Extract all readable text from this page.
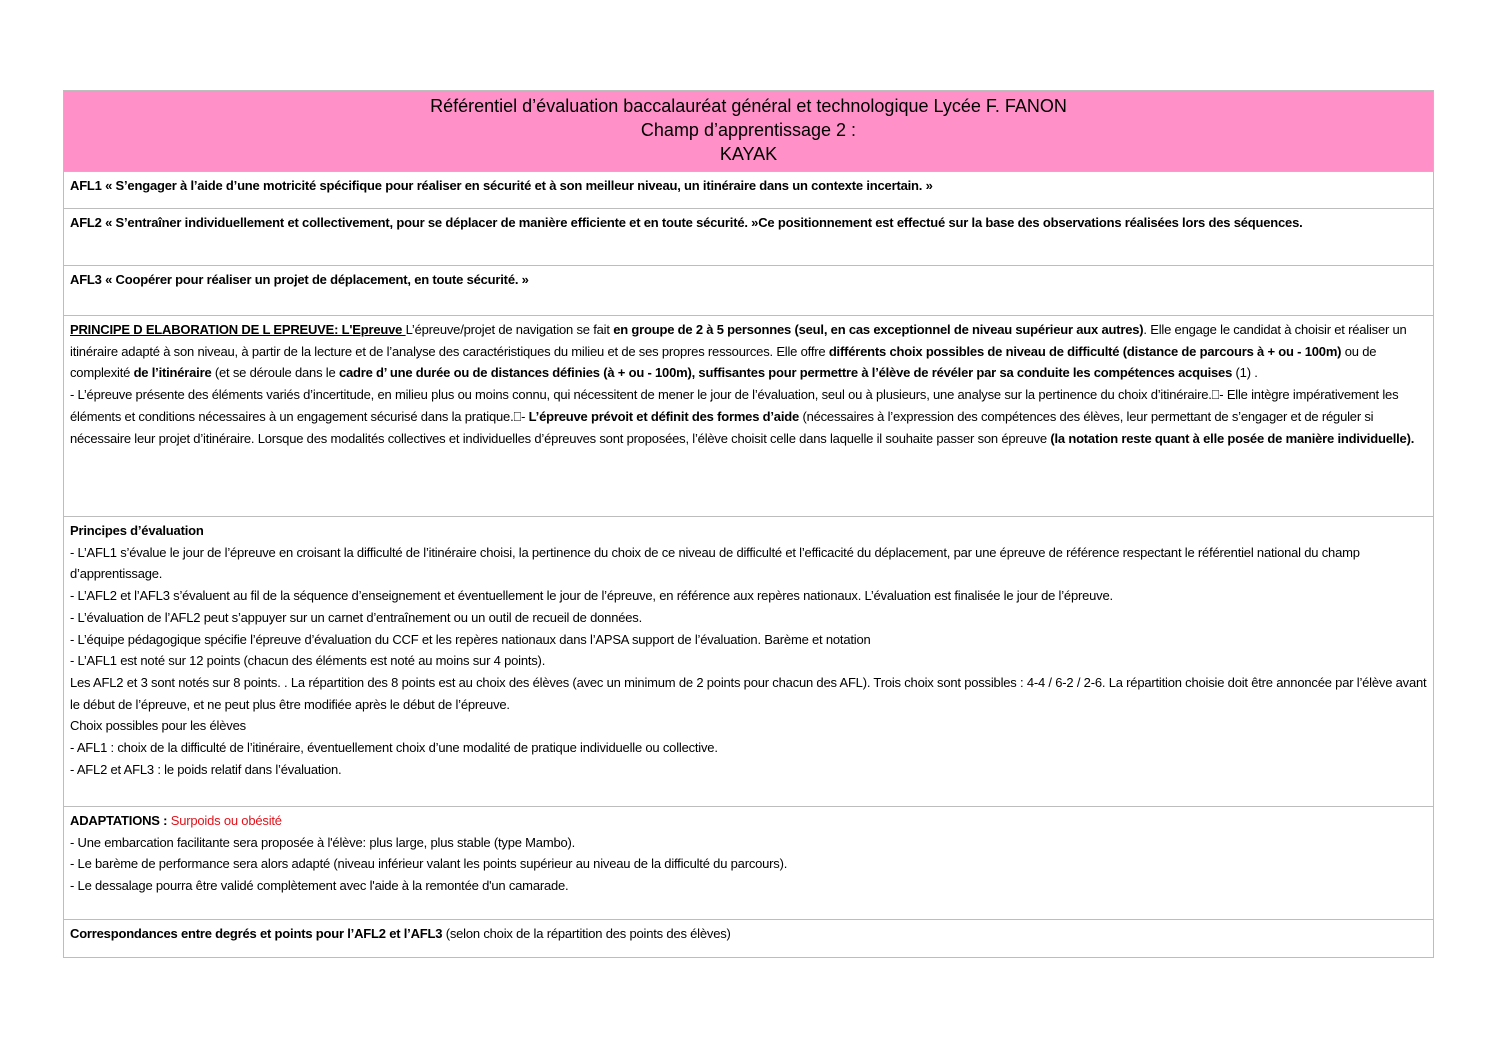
Référentiel d’évaluation baccalauréat général et technologique Lycée F. FANON
Champ d’apprentissage 2 :
KAYAK

AFL1 « S’engager à l’aide d’une motricité spécifique pour réaliser en sécurité et à son meilleur niveau, un itinéraire dans un contexte incertain. »

AFL2 « S’entraîner individuellement et collectivement, pour se déplacer de manière efficiente et en toute sécurité. »Ce positionnement est effectué sur la base des observations réalisées lors des séquences.

AFL3 « Coopérer pour réaliser un projet de déplacement, en toute sécurité. »

PRINCIPE D ELABORATION DE L EPREUVE: L'Epreuve L’épreuve/projet de navigation se fait en groupe de 2 à 5 personnes (seul, en cas exceptionnel de niveau supérieur aux autres). Elle engage le candidat à choisir et réaliser un itinéraire adapté à son niveau, à partir de la lecture et de l’analyse des caractéristiques du milieu et de ses propres ressources. Elle offre différents choix possibles de niveau de difficulté (distance de parcours à + ou - 100m) ou de complexité de l’itinéraire (et se déroule dans le cadre d’ une durée ou de distances définies (à + ou - 100m), suffisantes pour permettre à l’élève de révéler par sa conduite les compétences acquises (1) .

- L’épreuve présente des éléments variés d’incertitude, en milieu plus ou moins connu, qui nécessitent de mener le jour de l’évaluation, seul ou à plusieurs, une analyse sur la pertinence du choix d’itinéraire.⎕- Elle intègre impérativement les éléments et conditions nécessaires à un engagement sécurisé dans la pratique.⎕- L’épreuve prévoit et définit des formes d’aide (nécessaires à l’expression des compétences des élèves, leur permettant de s’engager et de réguler si nécessaire leur projet d’itinéraire. Lorsque des modalités collectives et individuelles d’épreuves sont proposées, l’élève choisit celle dans laquelle il souhaite passer son épreuve (la notation reste quant à elle posée de manière individuelle).

Principes d’évaluation

- L’AFL1 s’évalue le jour de l’épreuve en croisant la difficulté de l’itinéraire choisi, la pertinence du choix de ce niveau de difficulté et l’efficacité du déplacement, par une épreuve de référence respectant le référentiel national du champ d’apprentissage.

- L’AFL2 et l’AFL3 s’évaluent au fil de la séquence d’enseignement et éventuellement le jour de l’épreuve, en référence aux repères nationaux. L’évaluation est finalisée le jour de l’épreuve.

- L’évaluation de l’AFL2 peut s’appuyer sur un carnet d’entraînement ou un outil de recueil de données.

- L’équipe pédagogique spécifie l’épreuve d’évaluation du CCF et les repères nationaux dans l’APSA support de l’évaluation. Barème et notation

- L’AFL1 est noté sur 12 points (chacun des éléments est noté au moins sur 4 points).

Les AFL2 et 3 sont notés sur 8 points. . La répartition des 8 points est au choix des élèves (avec un minimum de 2 points pour chacun des AFL). Trois choix sont possibles : 4-4 / 6-2 / 2-6. La répartition choisie doit être annoncée par l’élève avant le début de l’épreuve, et ne peut plus être modifiée après le début de l’épreuve.

Choix possibles pour les élèves

- AFL1 : choix de la difficulté de l’itinéraire, éventuellement choix d’une modalité de pratique individuelle ou collective.

- AFL2 et AFL3 : le poids relatif dans l’évaluation.

ADAPTATIONS : Surpoids ou obésité

- Une embarcation facilitante sera proposée à l'élève: plus large, plus stable (type Mambo).

- Le barème de performance sera alors adapté (niveau inférieur valant les points supérieur au niveau de la difficulté du parcours).

- Le dessalage pourra être validé complètement avec l'aide à la remontée d'un camarade.

Correspondances entre degrés et points pour l’AFL2 et l’AFL3 (selon choix de la répartition des points des élèves)
